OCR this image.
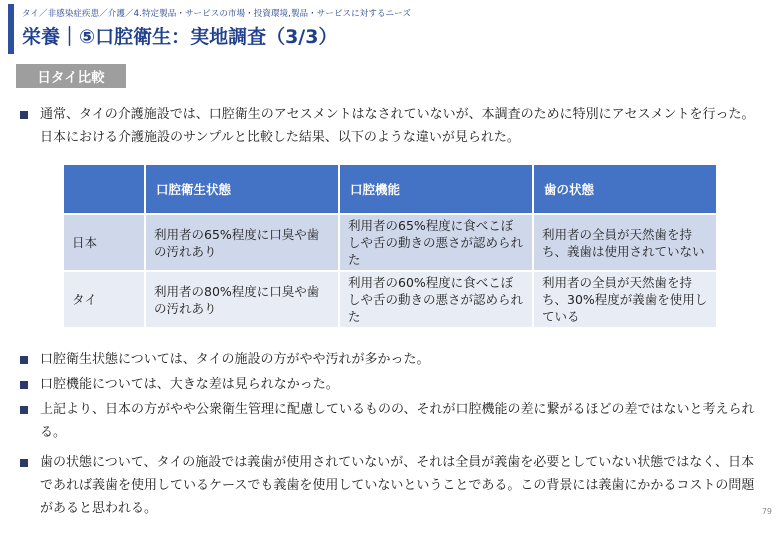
タイ／非感染症疾患／介護／4.特定製品・サービスの市場・投資環境,製品・サービスに対するニーズ
栄養｜⑤口腔衛生：実地調査（3/3）
日タイ比較
通常、タイの介護施設では、口腔衛生のアセスメントはなされていないが、本調査のために特別にアセスメントを行った。日本における介護施設のサンプルと比較した結果、以下のような違いが見られた。
	口腔衛生状態	口腔機能	歯の状態
日本	利用者の65%程度に口臭や歯の汚れあり	利用者の65%程度に食べこぼしや舌の動きの悪さが認められた	利用者の全員が天然歯を持ち、義歯は使用されていない
タイ	利用者の80%程度に口臭や歯の汚れあり	利用者の60%程度に食べこぼしや舌の動きの悪さが認められた	利用者の全員が天然歯を持ち、30%程度が義歯を使用している
口腔衛生状態については、タイの施設の方がやや汚れが多かった。
口腔機能については、大きな差は見られなかった。
上記より、日本の方がやや公衆衛生管理に配慮しているものの、それが口腔機能の差に繋がるほどの差ではないと考えられる。
歯の状態について、タイの施設では義歯が使用されていないが、それは全員が義歯を必要としていない状態ではなく、日本であれば義歯を使用しているケースでも義歯を使用していないということである。この背景には義歯にかかるコストの問題があると思われる。	79
